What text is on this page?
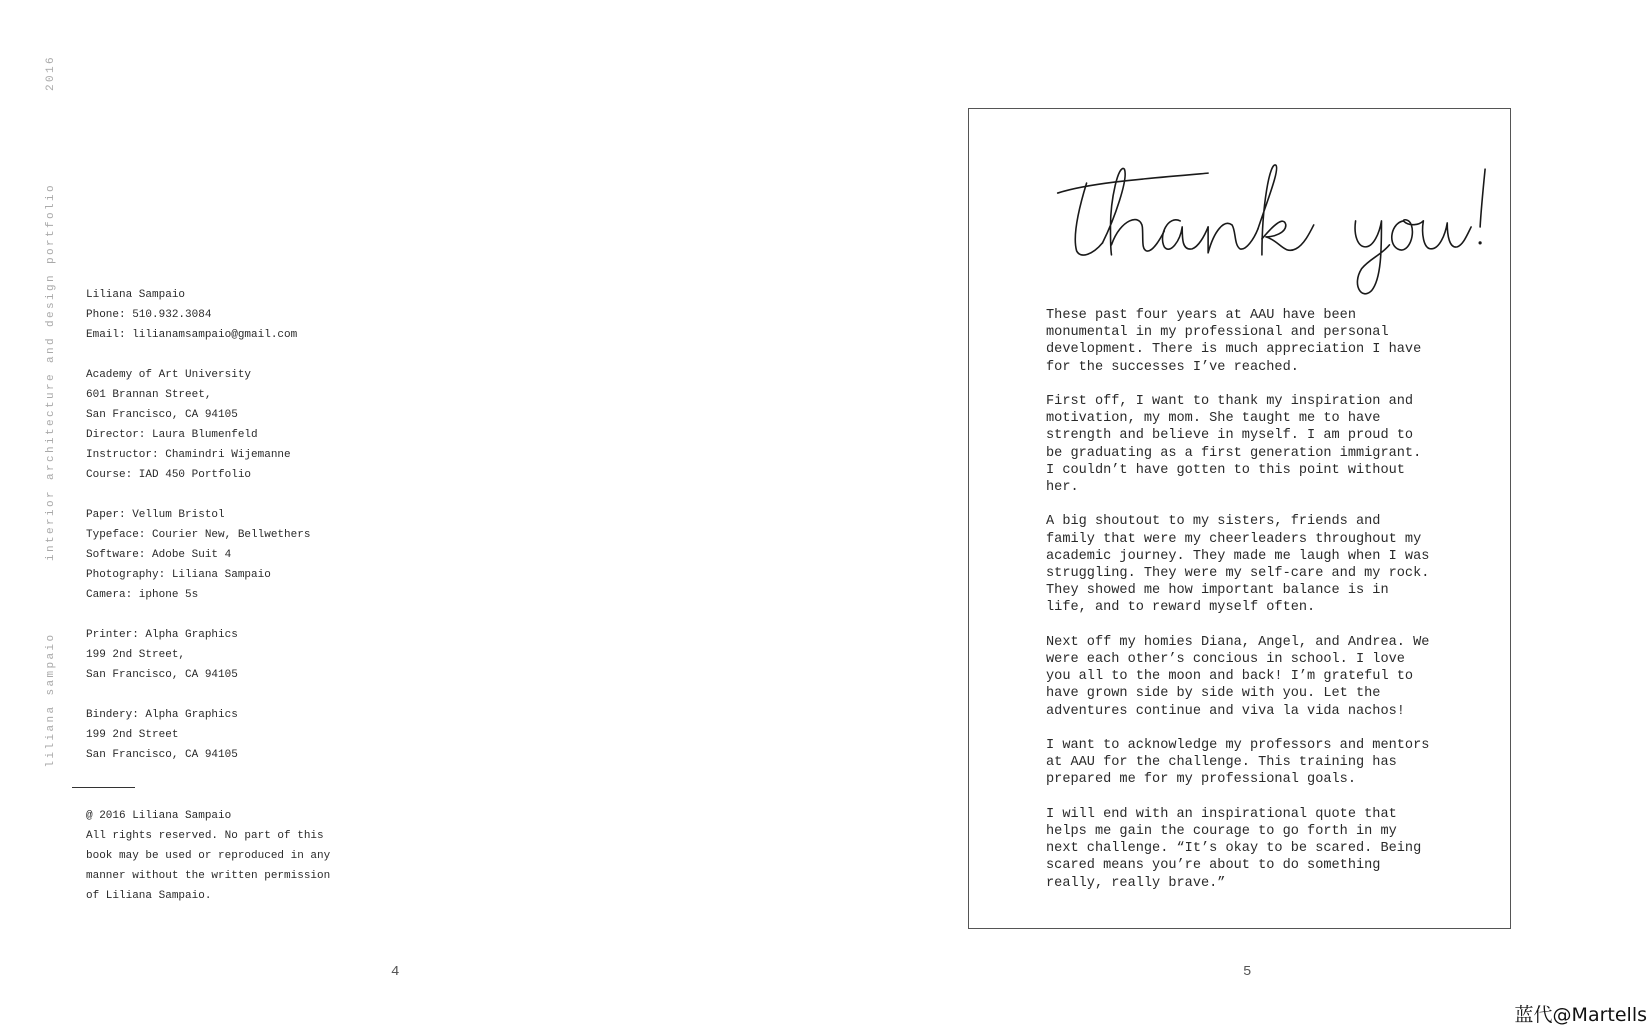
2016
interior architecture and design portfolio
liliana sampaio
Liliana Sampaio
Phone: 510.932.3084
Email: lilianamsampaio@gmail.com
Academy of Art University
601 Brannan Street,
San Francisco, CA 94105
Director: Laura Blumenfeld
Instructor: Chamindri Wijemanne
Course: IAD 450 Portfolio
Paper: Vellum Bristol
Typeface: Courier New, Bellwethers
Software: Adobe Suit 4
Photography: Liliana Sampaio
Camera: iphone 5s
Printer: Alpha Graphics
199 2nd Street,
San Francisco, CA 94105
Bindery: Alpha Graphics
199 2nd Street
San Francisco, CA 94105
@ 2016 Liliana Sampaio
All rights reserved. No part of this
book may be used or reproduced in any
manner without the written permission
of Liliana Sampaio.
4	5

These past four years at AAU have been
monumental in my professional and personal
development. There is much appreciation I have
for the successes I’ve reached.

First off, I want to thank my inspiration and
motivation, my mom. She taught me to have
strength and believe in myself. I am proud to
be graduating as a first generation immigrant.
I couldn’t have gotten to this point without
her.

A big shoutout to my sisters, friends and
family that were my cheerleaders throughout my
academic journey. They made me laugh when I was
struggling. They were my self-care and my rock.
They showed me how important balance is in
life, and to reward myself often.

Next off my homies Diana, Angel, and Andrea. We
were each other’s concious in school. I love
you all to the moon and back! I’m grateful to
have grown side by side with you. Let the
adventures continue and viva la vida nachos!

I want to acknowledge my professors and mentors
at AAU for the challenge. This training has
prepared me for my professional goals.

I will end with an inspirational quote that
helps me gain the courage to go forth in my
next challenge. “It’s okay to be scared. Being
scared means you’re about to do something
really, really brave.”

蓝代@Martells
